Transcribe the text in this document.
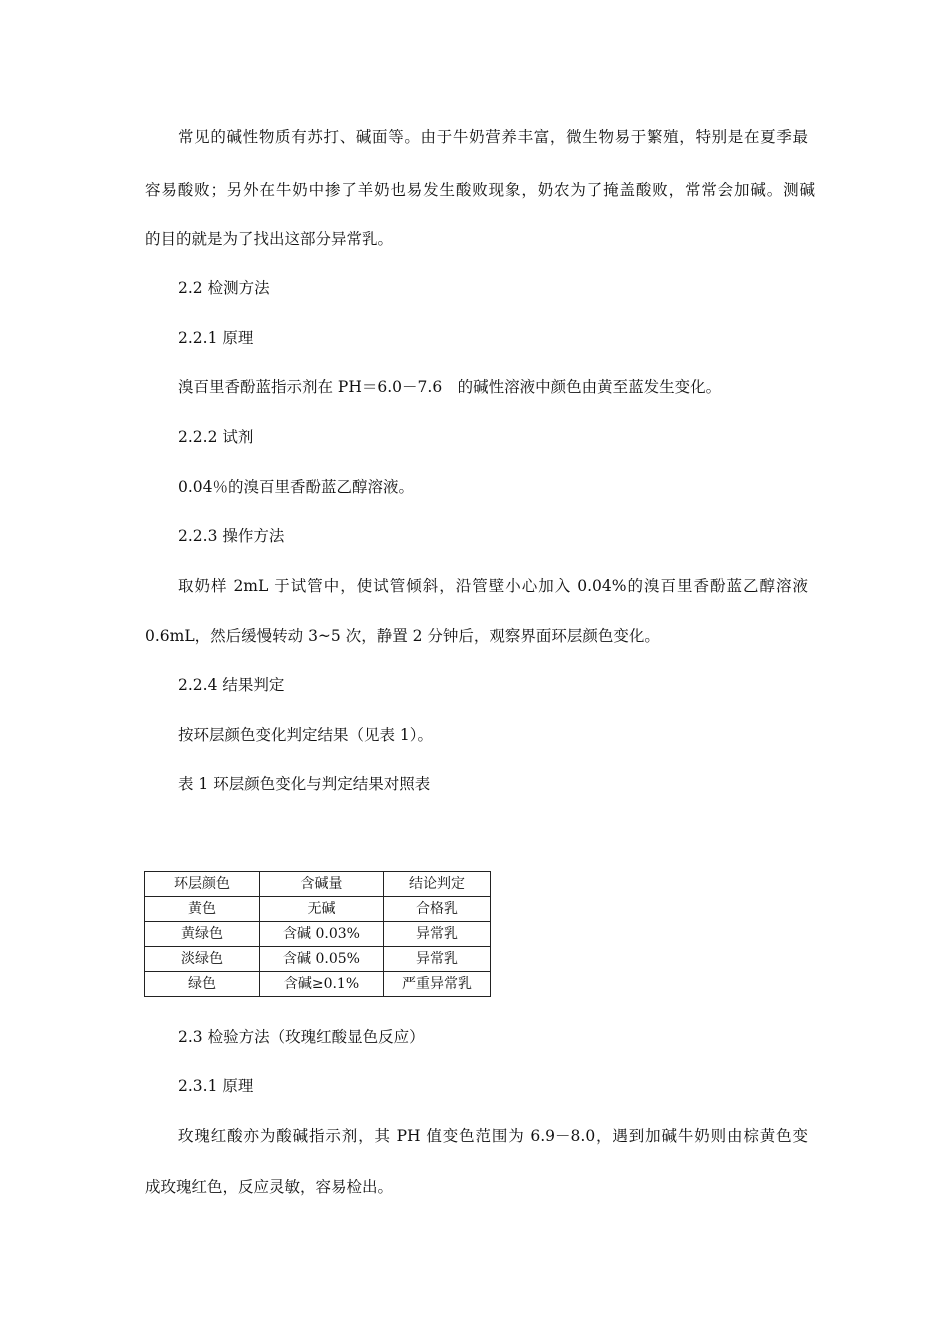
常见的碱性物质有苏打、碱面等。由于牛奶营养丰富，微生物易于繁殖，特别是在夏季最
容易酸败；另外在牛奶中掺了羊奶也易发生酸败现象，奶农为了掩盖酸败，常常会加碱。测碱
的目的就是为了找出这部分异常乳。
2.2 检测方法
2.2.1 原理
溴百里香酚蓝指示剂在 PH＝6.0－7.6　的碱性溶液中颜色由黄至蓝发生变化。
2.2.2 试剂
0.04％的溴百里香酚蓝乙醇溶液。
2.2.3 操作方法
取奶样 2mL 于试管中，使试管倾斜，沿管壁小心加入 0.04%的溴百里香酚蓝乙醇溶液
0.6mL，然后缓慢转动 3~5 次，静置 2 分钟后，观察界面环层颜色变化。
2.2.4 结果判定
按环层颜色变化判定结果（见表 1）。
表 1 环层颜色变化与判定结果对照表
环层颜色	含碱量	结论判定
黄色	无碱	合格乳
黄绿色	含碱 0.03%	异常乳
淡绿色	含碱 0.05%	异常乳
绿色	含碱≥0.1%	严重异常乳
2.3 检验方法（玫瑰红酸显色反应）
2.3.1 原理
玫瑰红酸亦为酸碱指示剂，其 PH 值变色范围为 6.9－8.0，遇到加碱牛奶则由棕黄色变
成玫瑰红色，反应灵敏，容易检出。
